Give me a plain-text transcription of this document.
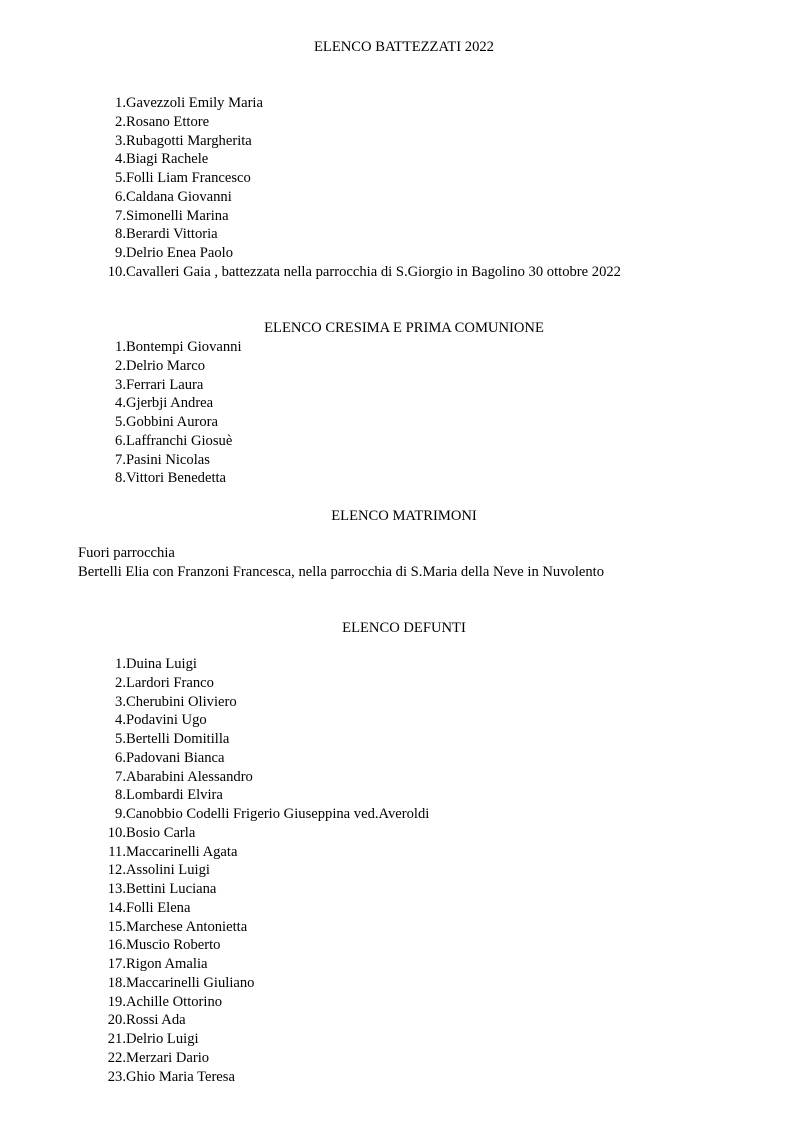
ELENCO BATTEZZATI 2022
1. Gavezzoli Emily Maria
2. Rosano Ettore
3. Rubagotti Margherita
4. Biagi Rachele
5. Folli Liam Francesco
6. Caldana Giovanni
7. Simonelli Marina
8. Berardi Vittoria
9. Delrio Enea Paolo
10. Cavalleri Gaia , battezzata nella parrocchia di S.Giorgio in Bagolino 30 ottobre 2022
ELENCO CRESIMA E PRIMA COMUNIONE
1. Bontempi Giovanni
2. Delrio Marco
3. Ferrari Laura
4. Gjerbji Andrea
5. Gobbini Aurora
6. Laffranchi Giosuè
7. Pasini Nicolas
8. Vittori Benedetta
ELENCO MATRIMONI
Fuori parrocchia
Bertelli Elia con Franzoni Francesca, nella parrocchia di S.Maria della Neve in Nuvolento
ELENCO DEFUNTI
1. Duina Luigi
2. Lardori Franco
3. Cherubini Oliviero
4. Podavini Ugo
5. Bertelli Domitilla
6. Padovani Bianca
7. Abarabini Alessandro
8. Lombardi Elvira
9. Canobbio Codelli Frigerio Giuseppina ved.Averoldi
10. Bosio Carla
11. Maccarinelli Agata
12. Assolini Luigi
13. Bettini Luciana
14. Folli Elena
15. Marchese Antonietta
16. Muscio Roberto
17. Rigon Amalia
18. Maccarinelli Giuliano
19. Achille Ottorino
20. Rossi Ada
21. Delrio Luigi
22. Merzari Dario
23. Ghio Maria Teresa
